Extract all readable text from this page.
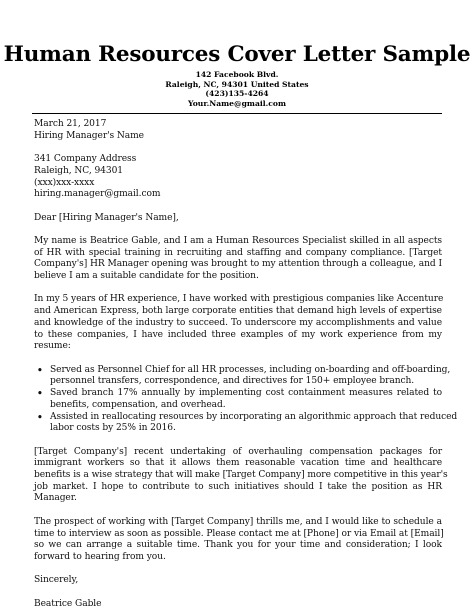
Human Resources Cover Letter Sample
142 Facebook Blvd.
Raleigh, NC, 94301 United States
(423)135-4264
Your.Name@gmail.com
March 21, 2017
Hiring Manager's Name
341 Company Address
Raleigh, NC, 94301
(xxx)xxx-xxxx
hiring.manager@gmail.com
Dear [Hiring Manager's Name],
My name is Beatrice Gable, and I am a Human Resources Specialist skilled in all aspects
of HR with special training in recruiting and staffing and company compliance. [Target
Company's] HR Manager opening was brought to my attention through a colleague, and I
believe I am a suitable candidate for the position.
In my 5 years of HR experience, I have worked with prestigious companies like Accenture
and American Express, both large corporate entities that demand high levels of expertise
and knowledge of the industry to succeed. To underscore my accomplishments and value
to these companies, I have included three examples of my work experience from my
resume:
• Served as Personnel Chief for all HR processes, including on-boarding and off-boarding,
personnel transfers, correspondence, and directives for 150+ employee branch.
• Saved branch 17% annually by implementing cost containment measures related to
benefits, compensation, and overhead.
• Assisted in reallocating resources by incorporating an algorithmic approach that reduced
labor costs by 25% in 2016.
[Target Company's] recent undertaking of overhauling compensation packages for
immigrant workers so that it allows them reasonable vacation time and healthcare
benefits is a wise strategy that will make [Target Company] more competitive in this year's
job market. I hope to contribute to such initiatives should I take the position as HR
Manager.
The prospect of working with [Target Company] thrills me, and I would like to schedule a
time to interview as soon as possible. Please contact me at [Phone] or via Email at [Email]
so we can arrange a suitable time. Thank you for your time and consideration; I look
forward to hearing from you.
Sincerely,
Beatrice Gable
